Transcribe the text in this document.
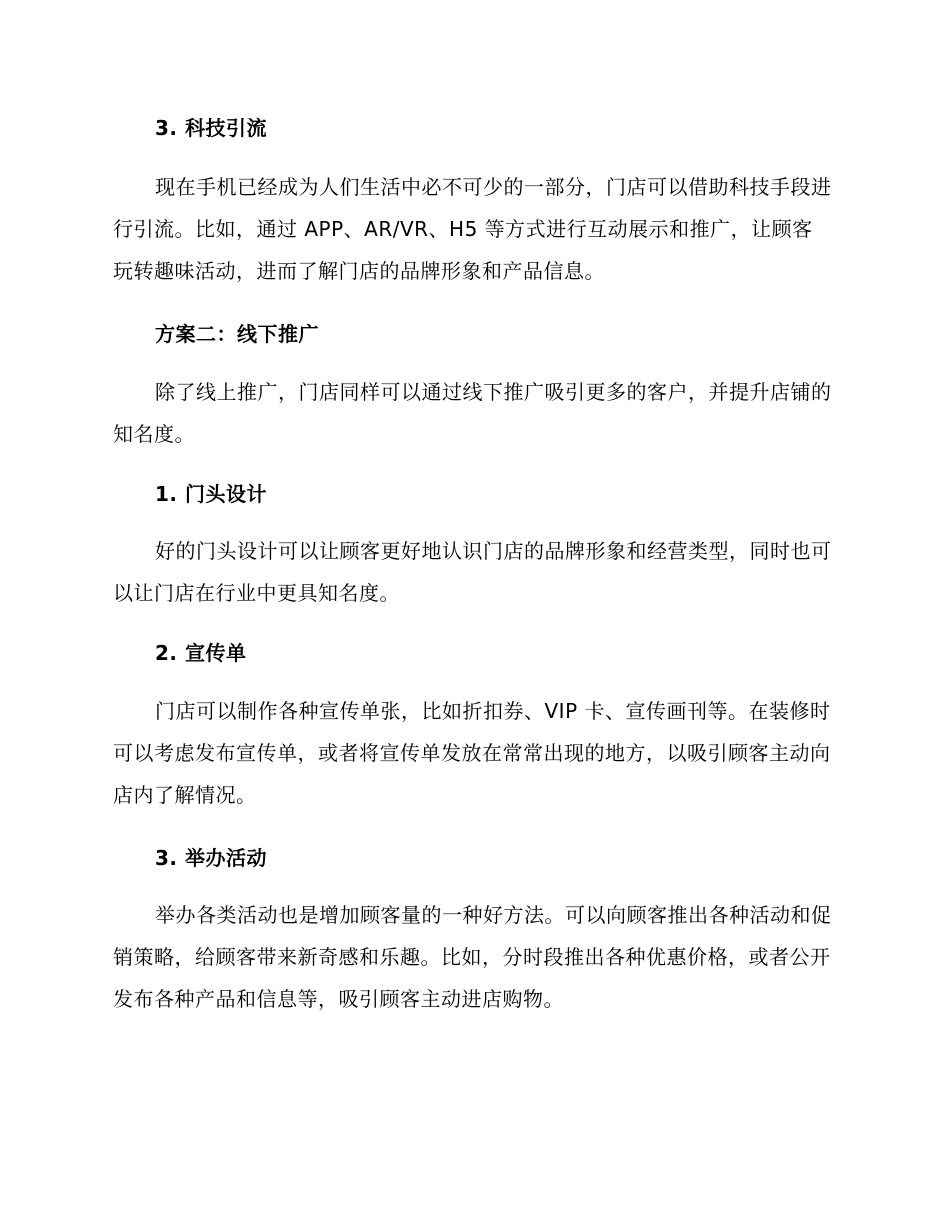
3. 科技引流

现在手机已经成为人们生活中必不可少的一部分，门店可以借助科技手段进行引流。比如，通过 APP、AR/VR、H5 等方式进行互动展示和推广，让顾客玩转趣味活动，进而了解门店的品牌形象和产品信息。

方案二：线下推广

除了线上推广，门店同样可以通过线下推广吸引更多的客户，并提升店铺的知名度。

1. 门头设计

好的门头设计可以让顾客更好地认识门店的品牌形象和经营类型，同时也可以让门店在行业中更具知名度。

2. 宣传单

门店可以制作各种宣传单张，比如折扣券、VIP 卡、宣传画刊等。在装修时可以考虑发布宣传单，或者将宣传单发放在常常出现的地方，以吸引顾客主动向店内了解情况。

3. 举办活动

举办各类活动也是增加顾客量的一种好方法。可以向顾客推出各种活动和促销策略，给顾客带来新奇感和乐趣。比如，分时段推出各种优惠价格，或者公开发布各种产品和信息等，吸引顾客主动进店购物。
